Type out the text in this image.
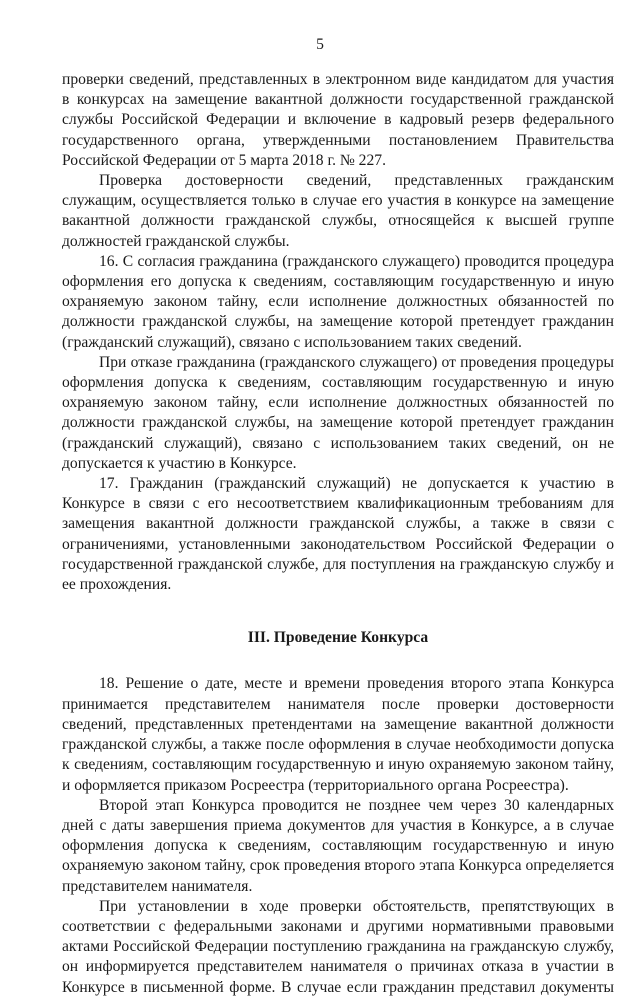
5

проверки сведений, представленных в электронном виде кандидатом для участия в конкурсах на замещение вакантной должности государственной гражданской службы Российской Федерации и включение в кадровый резерв федерального государственного органа, утвержденными постановлением Правительства Российской Федерации от 5 марта 2018 г. № 227.

Проверка достоверности сведений, представленных гражданским служащим, осуществляется только в случае его участия в конкурсе на замещение вакантной должности гражданской службы, относящейся к высшей группе должностей гражданской службы.

16. С согласия гражданина (гражданского служащего) проводится процедура оформления его допуска к сведениям, составляющим государственную и иную охраняемую законом тайну, если исполнение должностных обязанностей по должности гражданской службы, на замещение которой претендует гражданин (гражданский служащий), связано с использованием таких сведений.

При отказе гражданина (гражданского служащего) от проведения процедуры оформления допуска к сведениям, составляющим государственную и иную охраняемую законом тайну, если исполнение должностных обязанностей по должности гражданской службы, на замещение которой претендует гражданин (гражданский служащий), связано с использованием таких сведений, он не допускается к участию в Конкурсе.

17. Гражданин (гражданский служащий) не допускается к участию в Конкурсе в связи с его несоответствием квалификационным требованиям для замещения вакантной должности гражданской службы, а также в связи с ограничениями, установленными законодательством Российской Федерации о государственной гражданской службе, для поступления на гражданскую службу и ее прохождения.

III. Проведение Конкурса

18. Решение о дате, месте и времени проведения второго этапа Конкурса принимается представителем нанимателя после проверки достоверности сведений, представленных претендентами на замещение вакантной должности гражданской службы, а также после оформления в случае необходимости допуска к сведениям, составляющим государственную и иную охраняемую законом тайну, и оформляется приказом Росреестра (территориального органа Росреестра).

Второй этап Конкурса проводится не позднее чем через 30 календарных дней с даты завершения приема документов для участия в Конкурсе, а в случае оформления допуска к сведениям, составляющим государственную и иную охраняемую законом тайну, срок проведения второго этапа Конкурса определяется представителем нанимателя.

При установлении в ходе проверки обстоятельств, препятствующих в соответствии с федеральными законами и другими нормативными правовыми актами Российской Федерации поступлению гражданина на гражданскую службу, он информируется представителем нанимателя о причинах отказа в участии в Конкурсе в письменной форме. В случае если гражданин представил документы
